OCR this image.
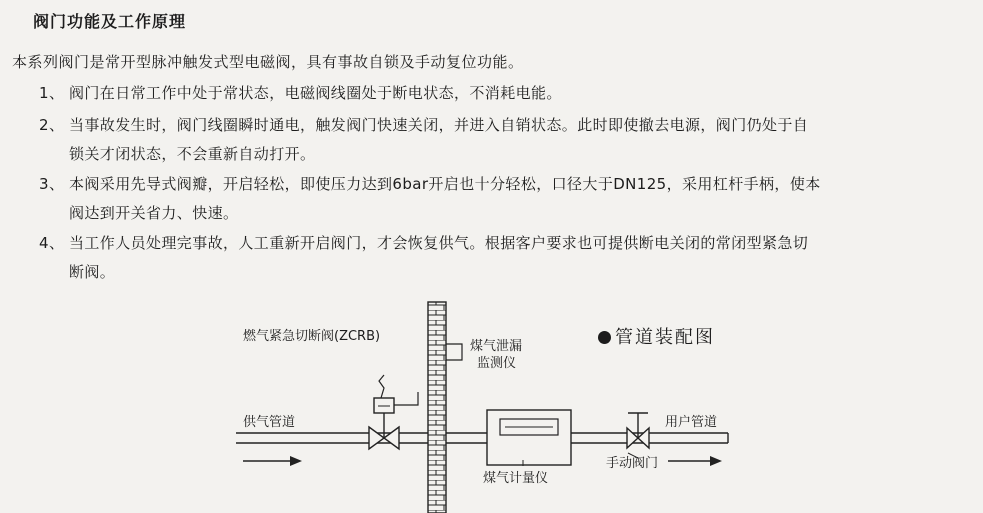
阀门功能及工作原理
本系列阀门是常开型脉冲触发式型电磁阀，具有事故自锁及手动复位功能。
1、 阀门在日常工作中处于常状态，电磁阀线圈处于断电状态，不消耗电能。
2、 当事故发生时，阀门线圈瞬时通电，触发阀门快速关闭，并进入自销状态。此时即使撤去电源，阀门仍处于自
锁关才闭状态，不会重新自动打开。
3、 本阀采用先导式阀瓣，开启轻松，即使压力达到6bar开启也十分轻松，口径大于DN125，采用杠杆手柄，使本
阀达到开关省力、快速。
4、 当工作人员处理完事故，人工重新开启阀门，才会恢复供气。根据客户要求也可提供断电关闭的常闭型紧急切
断阀。
管道装配图
燃气紧急切断阀(ZCRB)
煤气泄漏
监测仪
供气管道
煤气计量仪
手动阀门
用户管道
